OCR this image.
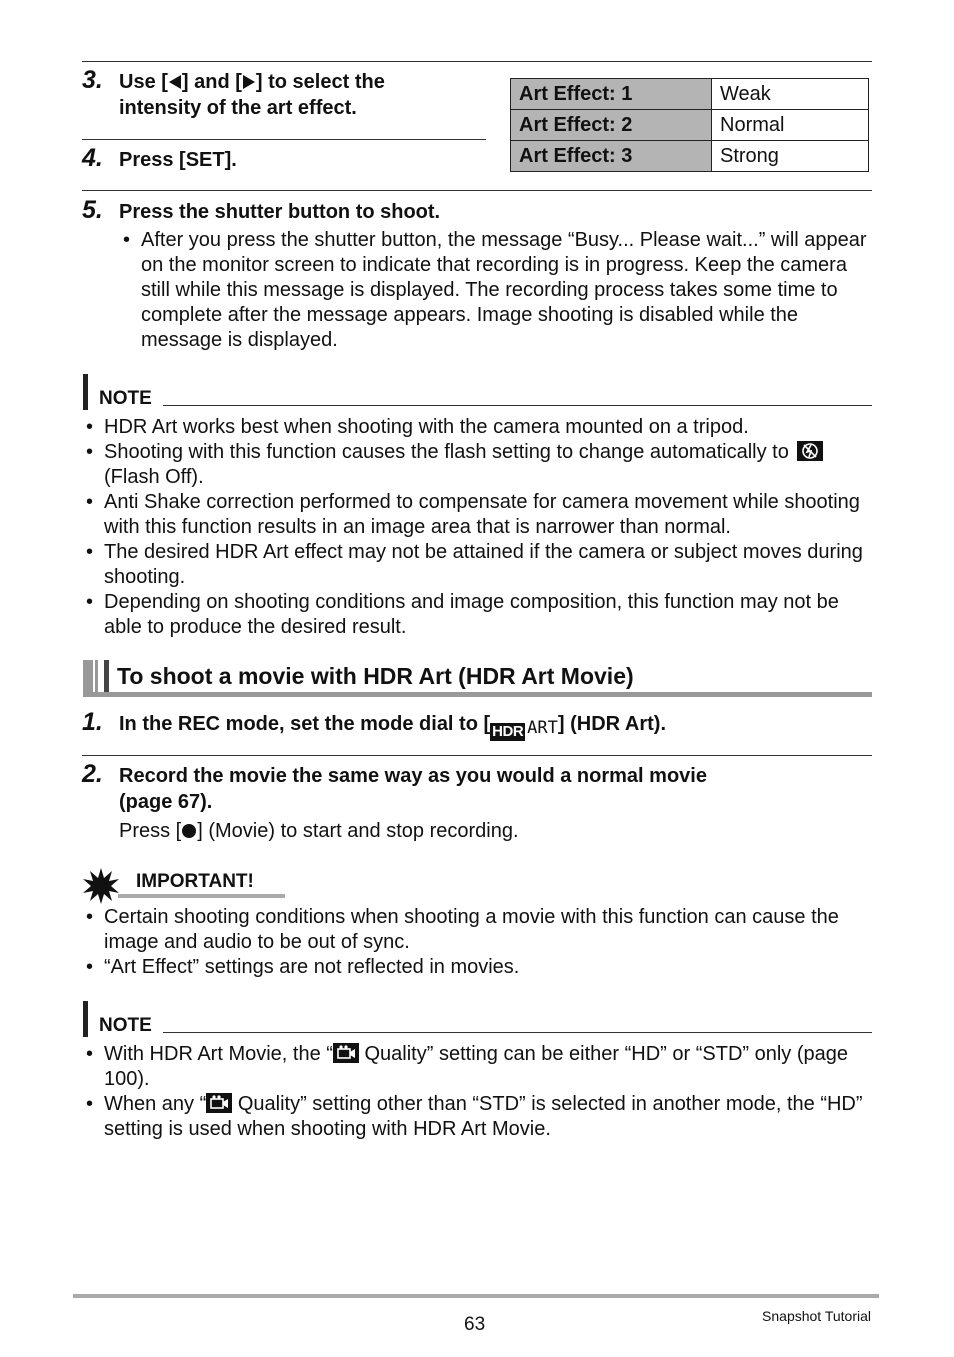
3. Use [ ] and [ ] to select the
intensity of the art effect.
4. Press [SET].
Art Effect: 1	Weak
Art Effect: 2	Normal
Art Effect: 3	Strong
5. Press the shutter button to shoot.
• After you press the shutter button, the message “Busy... Please wait...” will appear on the monitor screen to indicate that recording is in progress. Keep the camera still while this message is displayed. The recording process takes some time to complete after the message appears. Image shooting is disabled while the message is displayed.
NOTE
• HDR Art works best when shooting with the camera mounted on a tripod.
• Shooting with this function causes the flash setting to change automatically to
(Flash Off).
• Anti Shake correction performed to compensate for camera movement while shooting with this function results in an image area that is narrower than normal.
• The desired HDR Art effect may not be attained if the camera or subject moves during shooting.
• Depending on shooting conditions and image composition, this function may not be able to produce the desired result.
To shoot a movie with HDR Art (HDR Art Movie)
1. In the REC mode, set the mode dial to [ HDR ART] (HDR Art).
2. Record the movie the same way as you would a normal movie
(page 67).
Press [ ] (Movie) to start and stop recording.
IMPORTANT!
• Certain shooting conditions when shooting a movie with this function can cause the image and audio to be out of sync.
• “Art Effect” settings are not reflected in movies.
NOTE
• With HDR Art Movie, the “ Quality” setting can be either “HD” or “STD” only (page 100).
• When any “ Quality” setting other than “STD” is selected in another mode, the “HD” setting is used when shooting with HDR Art Movie.
63	Snapshot Tutorial
